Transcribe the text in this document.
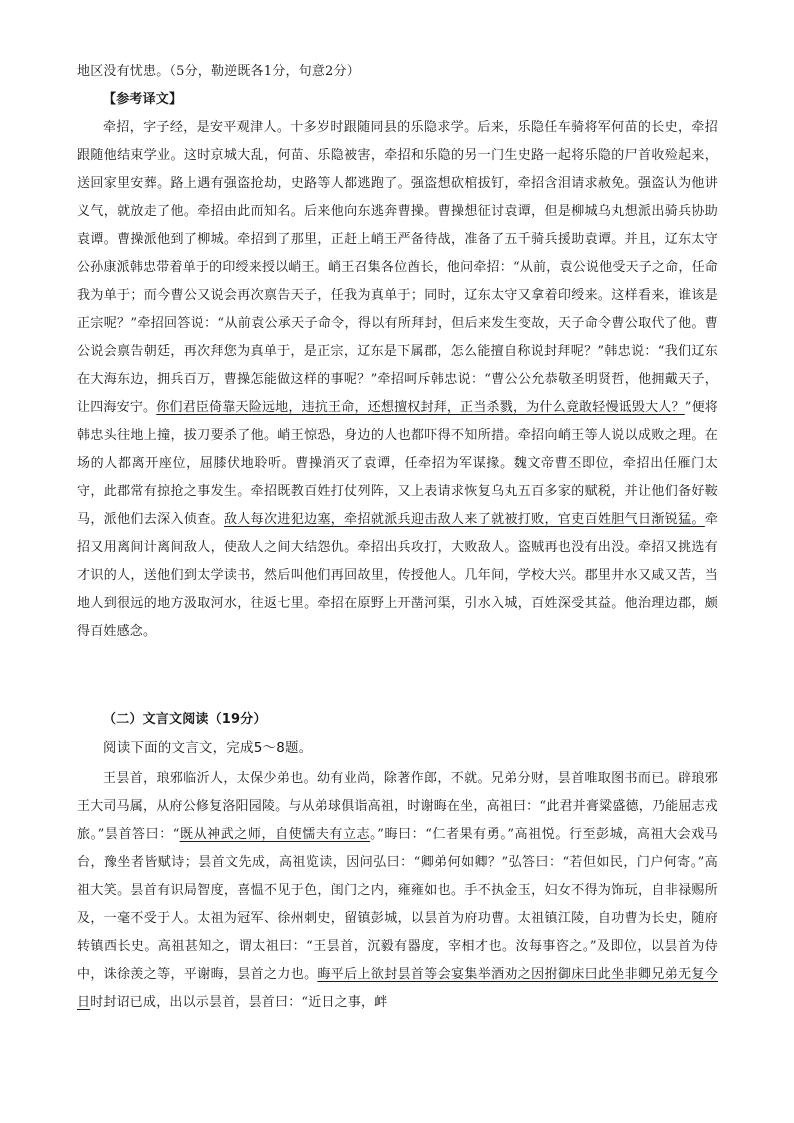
地区没有忧患。（5分，勒逆既各1分，句意2分）

【参考译文】

牵招，字子经，是安平观津人。十多岁时跟随同县的乐隐求学。后来，乐隐任车骑将军何苗的长史，牵招跟随他结束学业。这时京城大乱，何苗、乐隐被害，牵招和乐隐的另一门生史路一起将乐隐的尸首收殓起来，送回家里安葬。路上遇有强盗抢劫，史路等人都逃跑了。强盗想砍棺拔钉，牵招含泪请求赦免。强盗认为他讲义气，就放走了他。牵招由此而知名。后来他向东逃奔曹操。曹操想征讨袁谭，但是柳城乌丸想派出骑兵协助袁谭。曹操派他到了柳城。牵招到了那里，正赶上峭王严备待战，准备了五千骑兵援助袁谭。并且，辽东太守公孙康派韩忠带着单于的印绶来授以峭王。峭王召集各位酋长，他问牵招：“从前，袁公说他受天子之命，任命我为单于；而今曹公又说会再次禀告天子，任我为真单于；同时，辽东太守又拿着印绶来。这样看来，谁该是正宗呢？”牵招回答说：“从前袁公承天子命令，得以有所拜封，但后来发生变故，天子命令曹公取代了他。曹公说会禀告朝廷，再次拜您为真单于，是正宗，辽东是下属郡，怎么能擅自称说封拜呢？”韩忠说：“我们辽东在大海东边，拥兵百万，曹操怎能做这样的事呢？”牵招呵斥韩忠说：“曹公公允恭敬圣明贤哲，他拥戴天子，让四海安宁。你们君臣倚靠天险远地，违抗王命，还想擅权封拜，正当杀戮，为什么竟敢轻慢诋毁大人？”便将韩忠头往地上撞，拔刀要杀了他。峭王惊恐，身边的人也都吓得不知所措。牵招向峭王等人说以成败之理。在场的人都离开座位，屈膝伏地聆听。曹操消灭了袁谭，任牵招为军谋掾。魏文帝曹丕即位，牵招出任雁门太守，此郡常有掠抢之事发生。牵招既教百姓打仗列阵，又上表请求恢复乌丸五百多家的赋税，并让他们备好鞍马，派他们去深入侦查。敌人每次进犯边塞，牵招就派兵迎击敌人来了就被打败，官吏百姓胆气日渐锐猛。牵招又用离间计离间敌人，使敌人之间大结怨仇。牵招出兵攻打，大败敌人。盗贼再也没有出没。牵招又挑选有才识的人，送他们到太学读书，然后叫他们再回故里，传授他人。几年间，学校大兴。郡里井水又咸又苦，当地人到很远的地方汲取河水，往返七里。牵招在原野上开凿河渠，引水入城，百姓深受其益。他治理边郡，颇得百姓感念。

（二）文言文阅读（19分）

阅读下面的文言文，完成5～8题。

王昙首，琅邪临沂人，太保少弟也。幼有业尚，除著作郎，不就。兄弟分财，昙首唯取图书而已。辟琅邪王大司马属，从府公修复洛阳园陵。与从弟球俱诣高祖，时谢晦在坐，高祖曰：“此君并膏粱盛德，乃能屈志戎旅。”昙首答曰：“既从神武之师，自使懦夫有立志。”晦曰：“仁者果有勇。”高祖悦。行至彭城，高祖大会戏马台，豫坐者皆赋诗；昙首文先成，高祖览读，因问弘曰：“卿弟何如卿？”弘答曰：“若但如民，门户何寄。”高祖大笑。昙首有识局智度，喜愠不见于色，闺门之内，雍雍如也。手不执金玉，妇女不得为饰玩，自非禄赐所及，一毫不受于人。太祖为冠军、徐州刺史，留镇彭城，以昙首为府功曹。太祖镇江陵，自功曹为长史，随府转镇西长史。高祖甚知之，谓太祖曰：“王昙首，沉毅有器度，宰相才也。汝每事咨之。”及即位，以昙首为侍中，诛徐羡之等，平谢晦，昙首之力也。晦平后上欲封昙首等会宴集举酒劝之因拊御床曰此坐非卿兄弟无复今日时封诏已成，出以示昙首，昙首曰：“近日之事，衅
